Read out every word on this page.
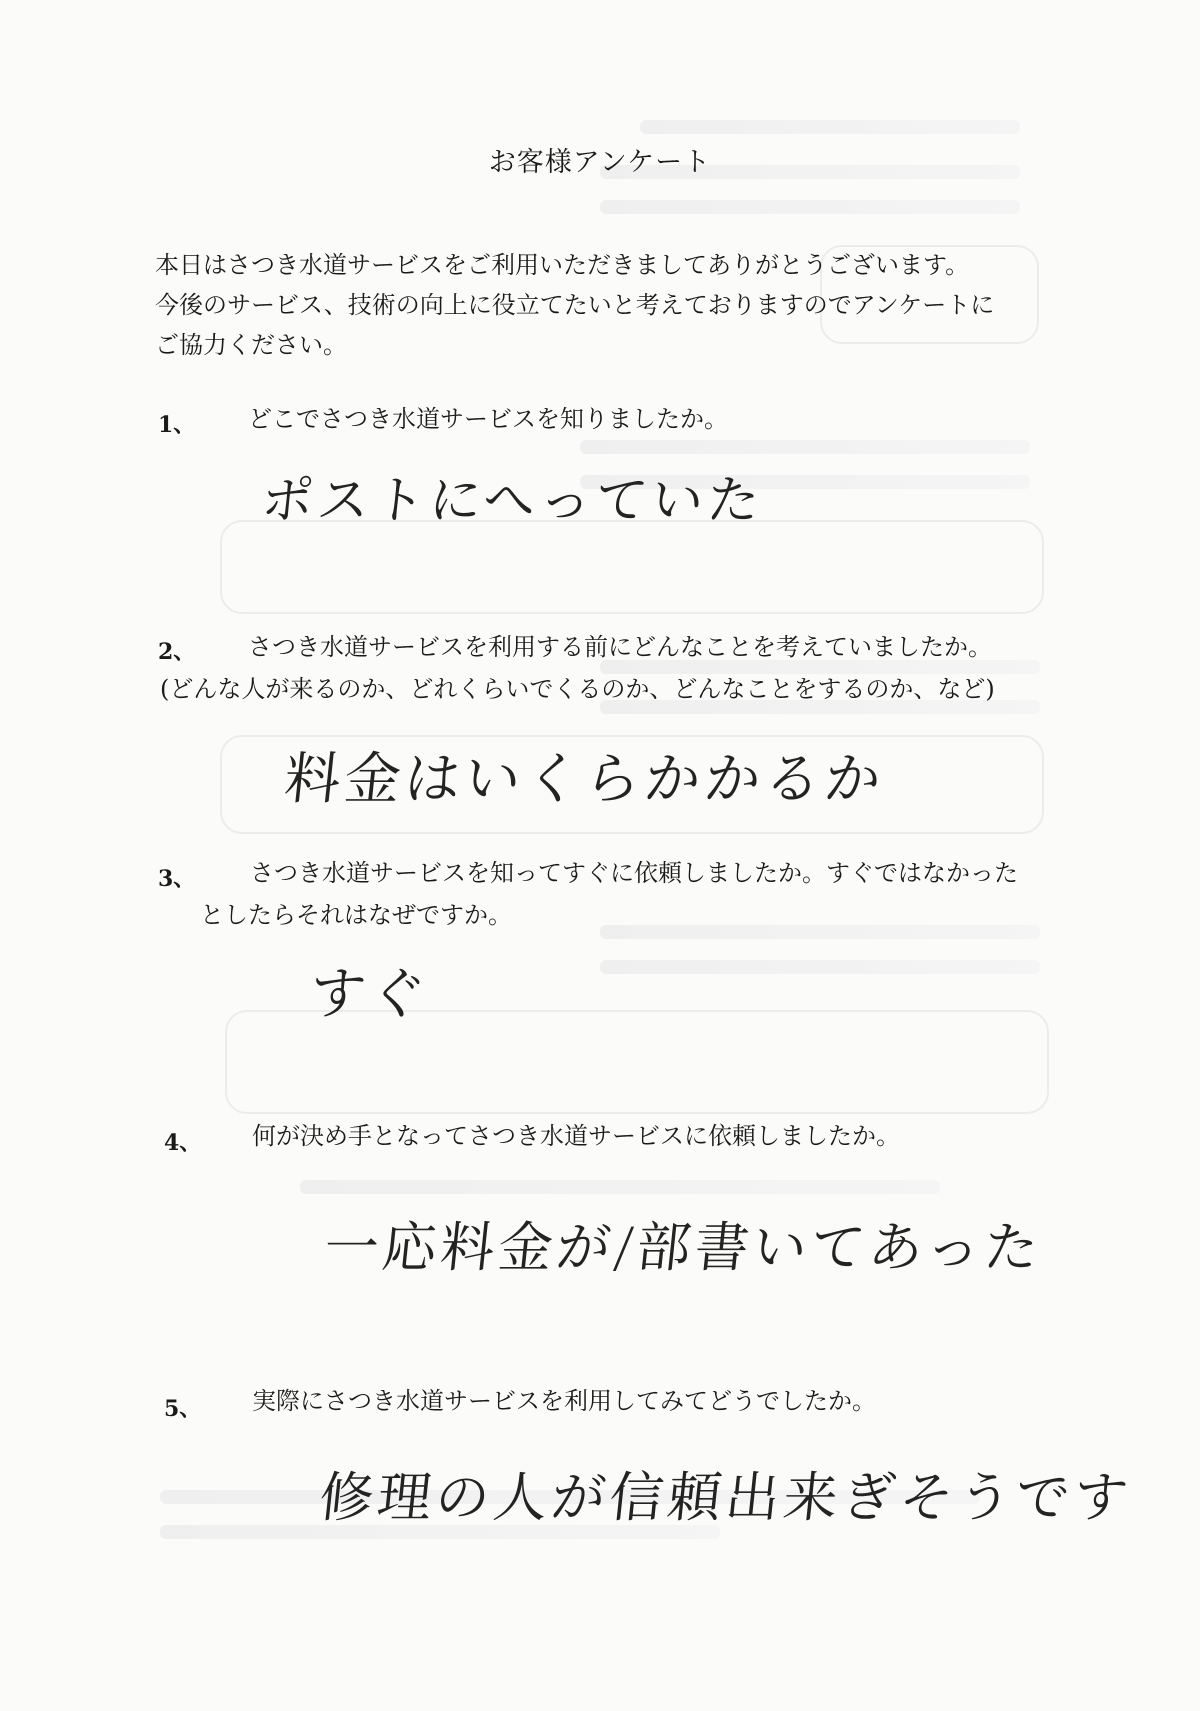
お客様アンケート
本日はさつき水道サービスをご利用いただきましてありがとうございます。
今後のサービス、技術の向上に役立てたいと考えておりますのでアンケートに
ご協力ください。
1、 どこでさつき水道サービスを知りましたか。
ポストにへっていた
2、	さつき水道サービスを利用する前にどんなことを考えていましたか。
(どんな人が来るのか、どれくらいでくるのか、どんなことをするのか、など)
料金はいくらかかるか
3、 さつき水道サービスを知ってすぐに依頼しましたか。すぐではなかった
としたらそれはなぜですか。
すぐ
4、 何が決め手となってさつき水道サービスに依頼しましたか。
一応料金が/部書いてあった
5、 実際にさつき水道サービスを利用してみてどうでしたか。
修理の人が信頼出来ぎそうです
